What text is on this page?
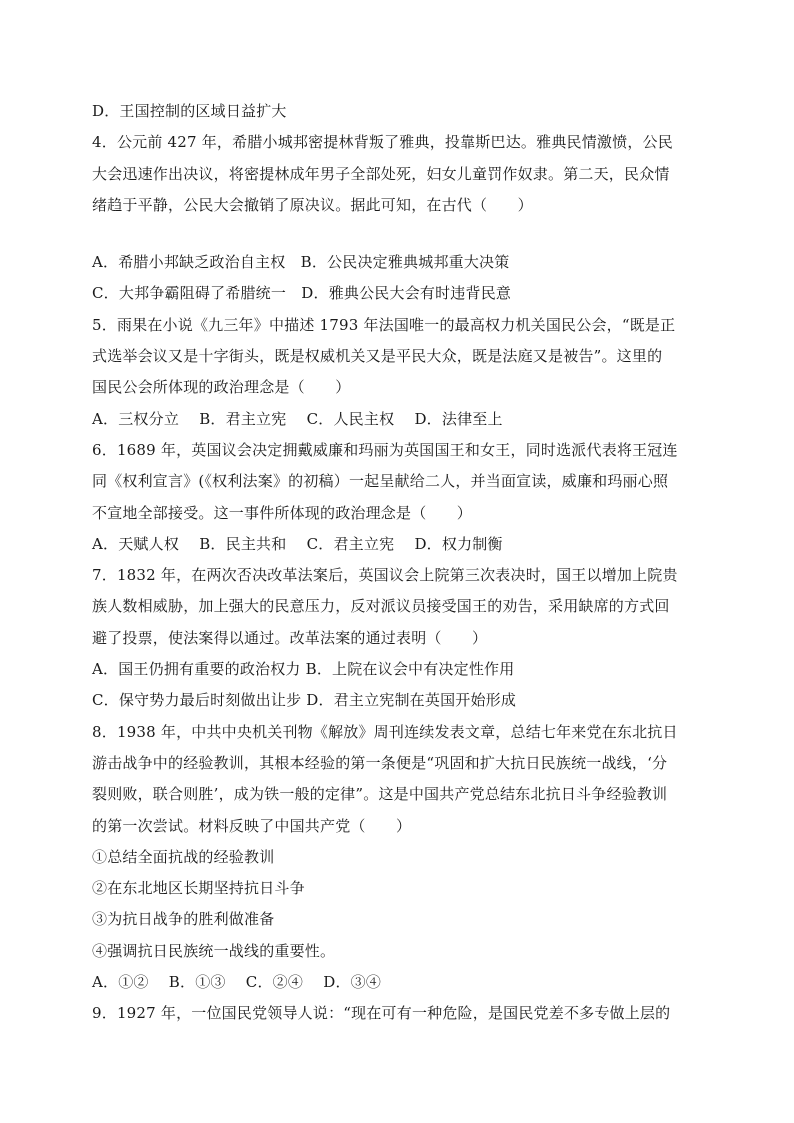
D．王国控制的区域日益扩大
4．公元前 427 年，希腊小城邦密提林背叛了雅典，投靠斯巴达。雅典民情激愤，公民
大会迅速作出决议，将密提林成年男子全部处死，妇女儿童罚作奴隶。第二天，民众情
绪趋于平静，公民大会撤销了原决议。据此可知，在古代（　　）
A．希腊小邦缺乏政治自主权　B．公民决定雅典城邦重大决策
C．大邦争霸阻碍了希腊统一　D．雅典公民大会有时违背民意
5．雨果在小说《九三年》中描述 1793 年法国唯一的最高权力机关国民公会，“既是正
式选举会议又是十字街头，既是权威机关又是平民大众，既是法庭又是被告”。这里的
国民公会所体现的政治理念是（　　）
A．三权分立　 B．君主立宪　 C．人民主权　 D．法律至上
6．1689 年，英国议会决定拥戴威廉和玛丽为英国国王和女王，同时选派代表将王冠连
同《权利宣言》(《权利法案》的初稿）一起呈献给二人，并当面宣读，威廉和玛丽心照
不宣地全部接受。这一事件所体现的政治理念是（　　）
A．天赋人权　 B．民主共和　 C．君主立宪　 D．权力制衡
7．1832 年，在两次否决改革法案后，英国议会上院第三次表决时，国王以增加上院贵
族人数相威胁，加上强大的民意压力，反对派议员接受国王的劝告，采用缺席的方式回
避了投票，使法案得以通过。改革法案的通过表明（　　）
A．国王仍拥有重要的政治权力 B．上院在议会中有决定性作用
C．保守势力最后时刻做出让步 D．君主立宪制在英国开始形成
8．1938 年，中共中央机关刊物《解放》周刊连续发表文章，总结七年来党在东北抗日
游击战争中的经验教训，其根本经验的第一条便是“巩固和扩大抗日民族统一战线，‘分
裂则败，联合则胜’，成为铁一般的定律”。这是中国共产党总结东北抗日斗争经验教训
的第一次尝试。材料反映了中国共产党（　　）
①总结全面抗战的经验教训
②在东北地区长期坚持抗日斗争
③为抗日战争的胜利做准备
④强调抗日民族统一战线的重要性。
A．①②　 B．①③　 C．②④　 D．③④
9．1927 年，一位国民党领导人说：“现在可有一种危险，是国民党差不多专做上层的
